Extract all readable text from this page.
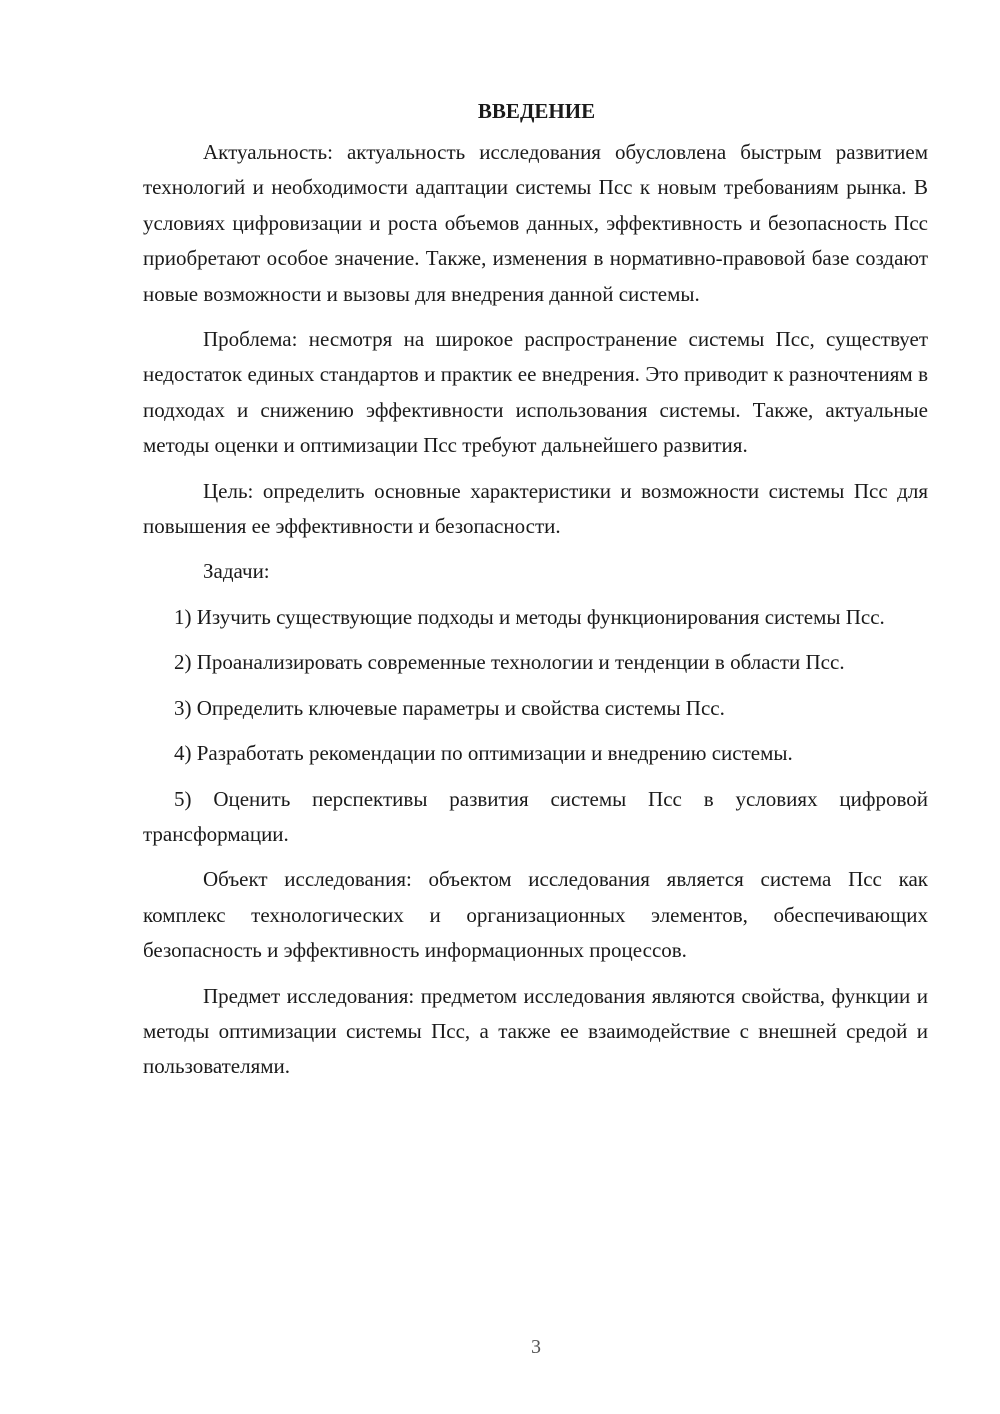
ВВЕДЕНИЕ

Актуальность: актуальность исследования обусловлена быстрым развитием технологий и необходимости адаптации системы Псс к новым требованиям рынка. В условиях цифровизации и роста объемов данных, эффективность и безопасность Псс приобретают особое значение. Также, изменения в нормативно-правовой базе создают новые возможности и вызовы для внедрения данной системы.

Проблема: несмотря на широкое распространение системы Псс, существует недостаток единых стандартов и практик ее внедрения. Это приводит к разночтениям в подходах и снижению эффективности использования системы. Также, актуальные методы оценки и оптимизации Псс требуют дальнейшего развития.

Цель: определить основные характеристики и возможности системы Псс для повышения ее эффективности и безопасности.

Задачи:

1) Изучить существующие подходы и методы функционирования системы Псс.

2) Проанализировать современные технологии и тенденции в области Псс.

3) Определить ключевые параметры и свойства системы Псс.

4) Разработать рекомендации по оптимизации и внедрению системы.

5) Оценить перспективы развития системы Псс в условиях цифровой трансформации.

Объект исследования: объектом исследования является система Псс как комплекс технологических и организационных элементов, обеспечивающих безопасность и эффективность информационных процессов.

Предмет исследования: предметом исследования являются свойства, функции и методы оптимизации системы Псс, а также ее взаимодействие с внешней средой и пользователями.

3
